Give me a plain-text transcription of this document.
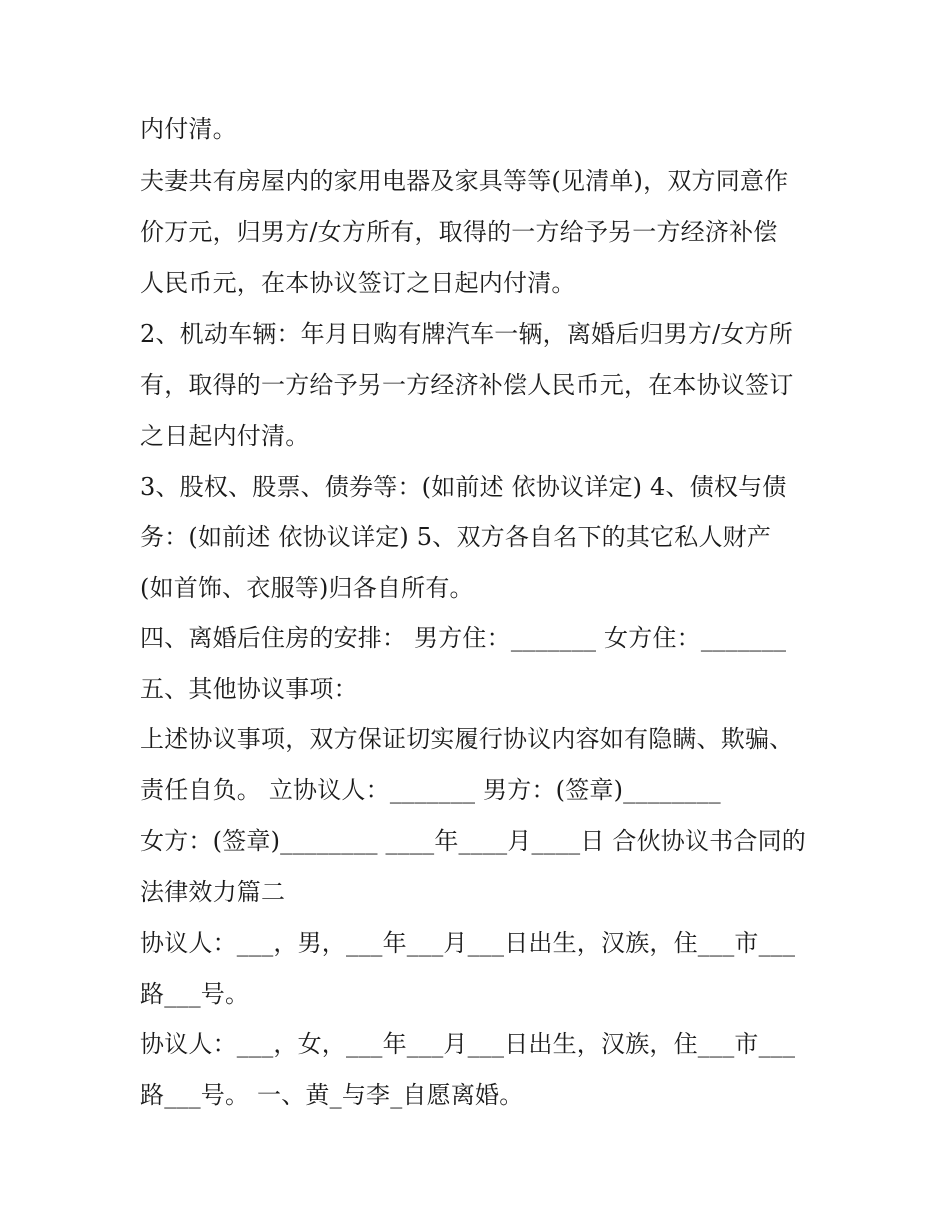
内付清。
夫妻共有房屋内的家用电器及家具等等(见清单)，双方同意作
价万元，归男方/女方所有，取得的一方给予另一方经济补偿
人民币元，在本协议签订之日起内付清。
2、机动车辆：年月日购有牌汽车一辆，离婚后归男方/女方所
有，取得的一方给予另一方经济补偿人民币元，在本协议签订
之日起内付清。
3、股权、股票、债券等：(如前述 依协议详定) 4、债权与债
务：(如前述 依协议详定) 5、双方各自名下的其它私人财产
(如首饰、衣服等)归各自所有。
四、离婚后住房的安排： 男方住：_______ 女方住：_______
五、其他协议事项：
上述协议事项，双方保证切实履行协议内容如有隐瞒、欺骗、
责任自负。 立协议人：_______ 男方：(签章)________
女方：(签章)________ ____年____月____日 合伙协议书合同的
法律效力篇二
协议人：___，男，___年___月___日出生，汉族，住___市___
路___号。
协议人：___，女，___年___月___日出生，汉族，住___市___
路___号。 一、黄_与李_自愿离婚。
